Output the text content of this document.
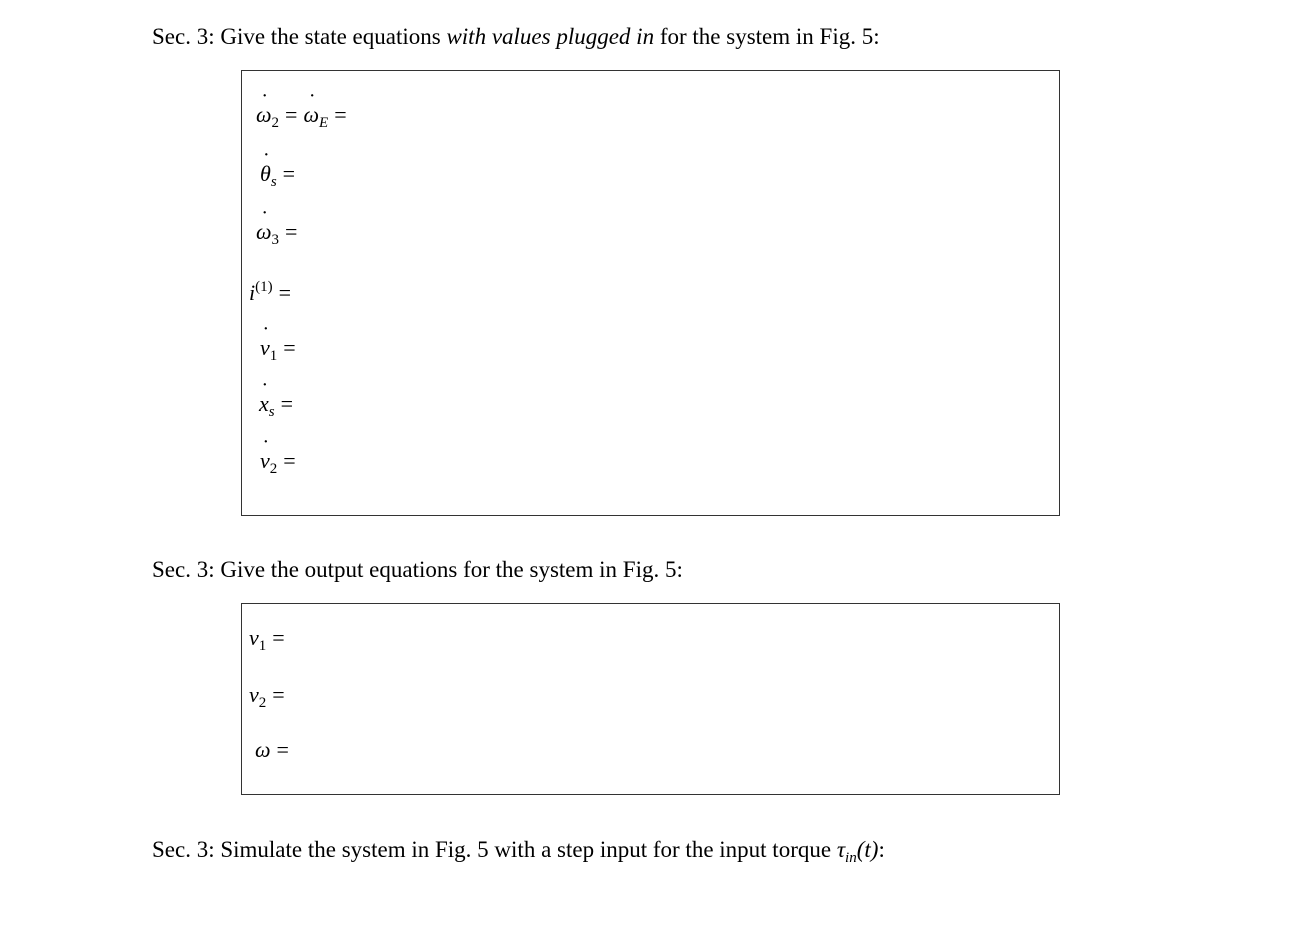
Sec. 3: Give the state equations with values plugged in for the system in Fig. 5:
˙ $\omega_2$ =˙ $\omega_E$ =
˙ $\theta_s$ =
˙ $\omega_3$ =
$i^{(1)}$ =
˙ $v_1$ =
˙ $x_s$ =
˙ $v_2$ =
Sec. 3: Give the output equations for the system in Fig. 5:
$v_1$ =
$v_2$ =
ω =
Sec. 3: Simulate the system in Fig. 5 with a step input for the input torque $\tau_{in}(t)$:
